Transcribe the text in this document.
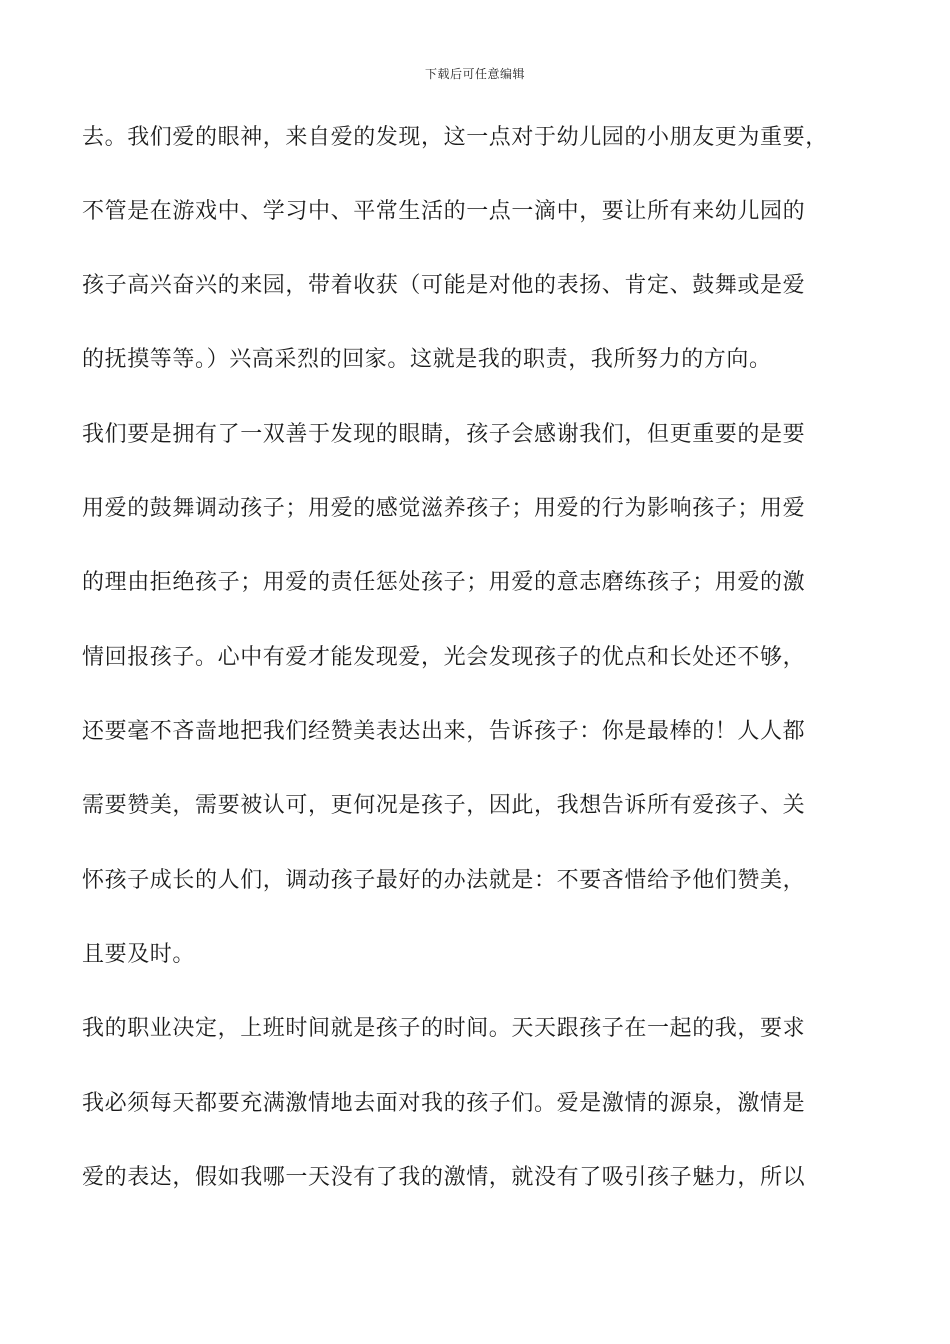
下载后可任意编辑
去。我们爱的眼神，来自爱的发现，这一点对于幼儿园的小朋友更为重要，
不管是在游戏中、学习中、平常生活的一点一滴中，要让所有来幼儿园的
孩子高兴奋兴的来园，带着收获（可能是对他的表扬、肯定、鼓舞或是爱
的抚摸等等。）兴高采烈的回家。这就是我的职责，我所努力的方向。
我们要是拥有了一双善于发现的眼睛，孩子会感谢我们，但更重要的是要
用爱的鼓舞调动孩子；用爱的感觉滋养孩子；用爱的行为影响孩子；用爱
的理由拒绝孩子；用爱的责任惩处孩子；用爱的意志磨练孩子；用爱的激
情回报孩子。心中有爱才能发现爱，光会发现孩子的优点和长处还不够，
还要毫不吝啬地把我们经赞美表达出来，告诉孩子：你是最棒的！人人都
需要赞美，需要被认可，更何况是孩子，因此，我想告诉所有爱孩子、关
怀孩子成长的人们，调动孩子最好的办法就是：不要吝惜给予他们赞美，
且要及时。
我的职业决定，上班时间就是孩子的时间。天天跟孩子在一起的我，要求
我必须每天都要充满激情地去面对我的孩子们。爱是激情的源泉，激情是
爱的表达，假如我哪一天没有了我的激情，就没有了吸引孩子魅力，所以
